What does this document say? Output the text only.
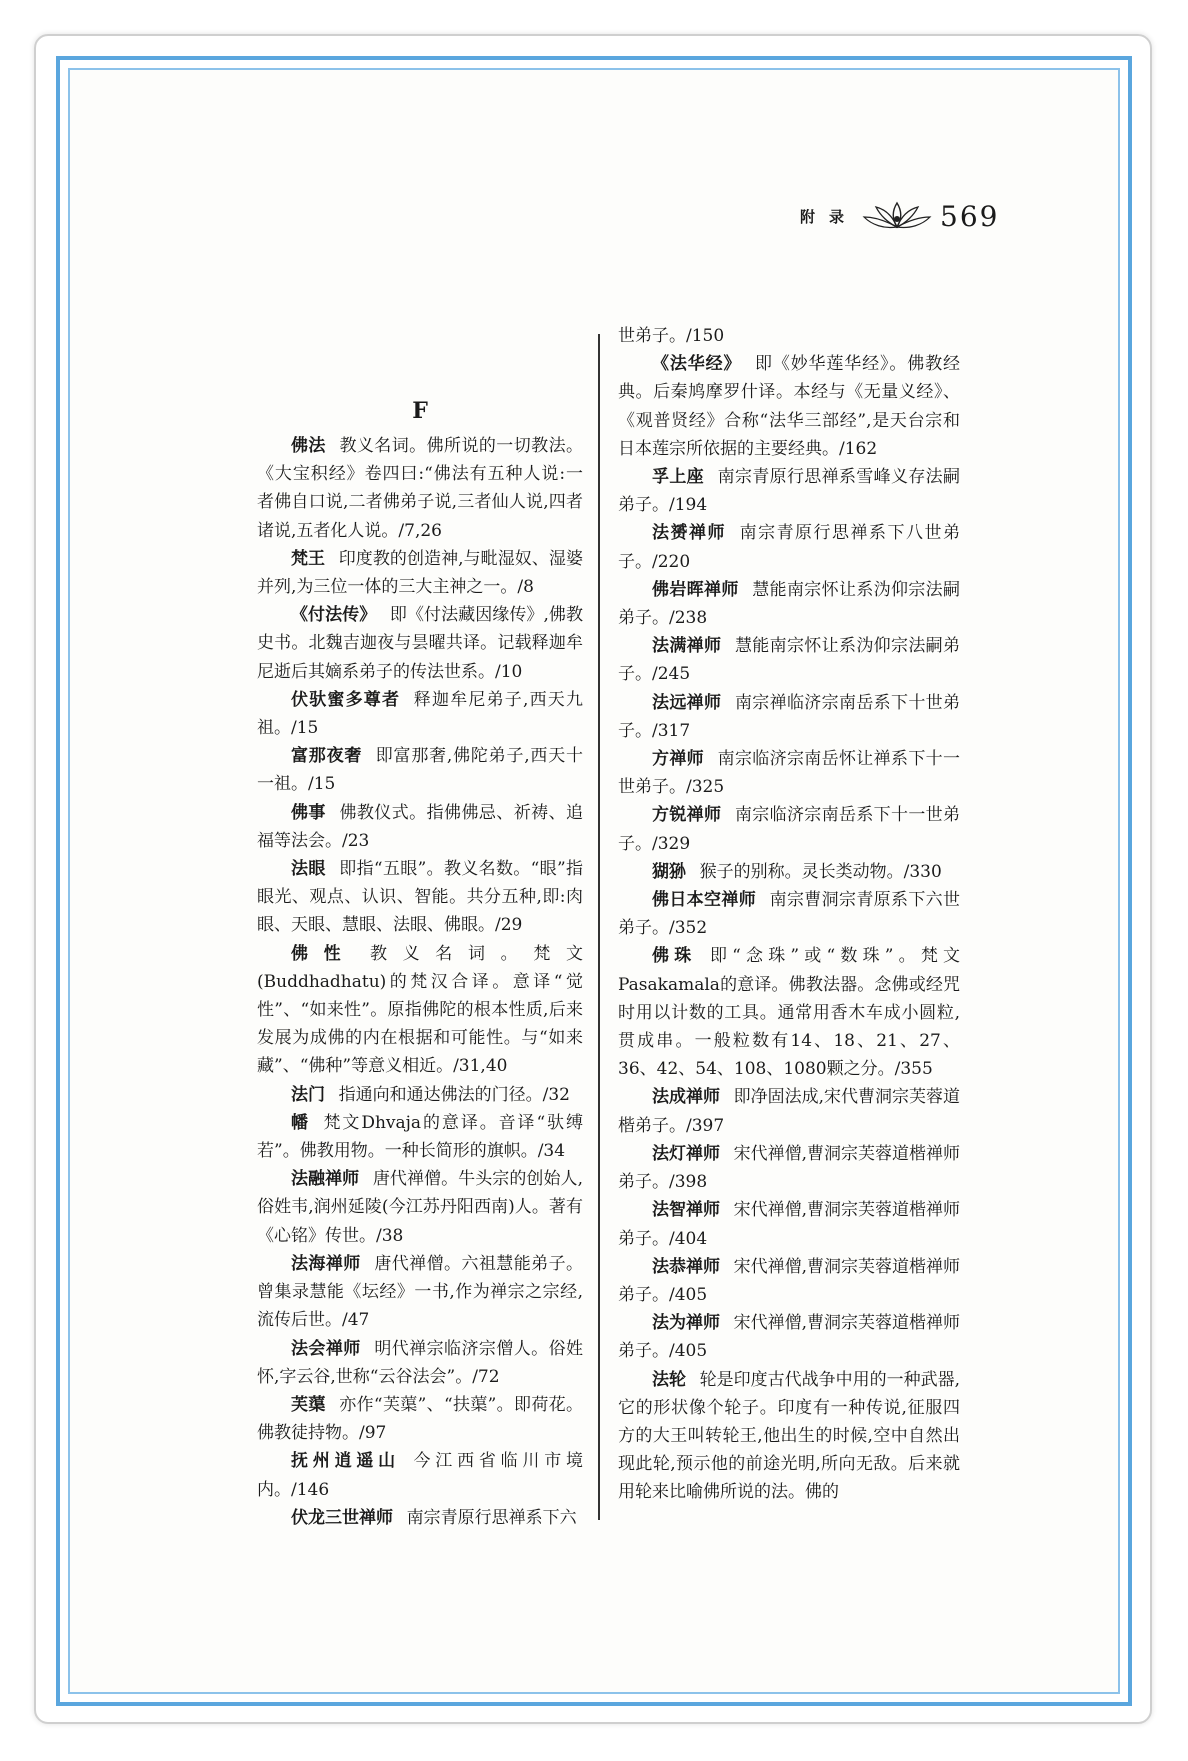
附录	569
F

佛法 教义名词。佛所说的一切教法。《大宝积经》卷四曰:“佛法有五种人说:一者佛自口说,二者佛弟子说,三者仙人说,四者诸说,五者化人说。/7,26

梵王 印度教的创造神,与毗湿奴、湿婆并列,为三位一体的三大主神之一。/8

《付法传》 即《付法藏因缘传》,佛教史书。北魏吉迦夜与昙曜共译。记载释迦牟尼逝后其嫡系弟子的传法世系。/10

伏驮蜜多尊者 释迦牟尼弟子,西天九祖。/15

富那夜奢 即富那奢,佛陀弟子,西天十一祖。/15

佛事 佛教仪式。指佛佛忌、祈祷、追福等法会。/23

法眼 即指“五眼”。教义名数。“眼”指眼光、观点、认识、智能。共分五种,即:肉眼、天眼、慧眼、法眼、佛眼。/29

佛性 教义名词。梵文(Buddhadhatu)的梵汉合译。意译“觉性”、“如来性”。原指佛陀的根本性质,后来发展为成佛的内在根据和可能性。与“如来藏”、“佛种”等意义相近。/31,40

法门 指通向和通达佛法的门径。/32

幡 梵文Dhvaja的意译。音译“驮缚若”。佛教用物。一种长简形的旗帜。/34

法融禅师 唐代禅僧。牛头宗的创始人,俗姓韦,润州延陵(今江苏丹阳西南)人。著有《心铭》传世。/38

法海禅师 唐代禅僧。六祖慧能弟子。曾集录慧能《坛经》一书,作为禅宗之宗经,流传后世。/47

法会禅师 明代禅宗临济宗僧人。俗姓怀,字云谷,世称“云谷法会”。/72

芙蕖 亦作“芙蕖”、“扶蕖”。即荷花。佛教徒持物。/97

抚州逍遥山 今江西省临川市境内。/146

伏龙三世禅师 南宗青原行思禅系下六

世弟子。/150

《法华经》 即《妙华莲华经》。佛教经典。后秦鸠摩罗什译。本经与《无量义经》、《观普贤经》合称“法华三部经”,是天台宗和日本莲宗所依据的主要经典。/162

孚上座 南宗青原行思禅系雪峰义存法嗣弟子。/194

法赟禅师 南宗青原行思禅系下八世弟子。/220

佛岩晖禅师 慧能南宗怀让系沩仰宗法嗣弟子。/238

法满禅师 慧能南宗怀让系沩仰宗法嗣弟子。/245

法远禅师 南宗禅临济宗南岳系下十世弟子。/317

方禅师 南宗临济宗南岳怀让禅系下十一世弟子。/325

方锐禅师 南宗临济宗南岳系下十一世弟子。/329

猢狲 猴子的别称。灵长类动物。/330

佛日本空禅师 南宗曹洞宗青原系下六世弟子。/352

佛珠 即“念珠”或“数珠”。梵文Pasakamala的意译。佛教法器。念佛或经咒时用以计数的工具。通常用香木车成小圆粒,贯成串。一般粒数有14、18、21、27、36、42、54、108、1080颗之分。/355

法成禅师 即净固法成,宋代曹洞宗芙蓉道楷弟子。/397

法灯禅师 宋代禅僧,曹洞宗芙蓉道楷禅师弟子。/398

法智禅师 宋代禅僧,曹洞宗芙蓉道楷禅师弟子。/404

法恭禅师 宋代禅僧,曹洞宗芙蓉道楷禅师弟子。/405

法为禅师 宋代禅僧,曹洞宗芙蓉道楷禅师弟子。/405

法轮 轮是印度古代战争中用的一种武器,它的形状像个轮子。印度有一种传说,征服四方的大王叫转轮王,他出生的时候,空中自然出现此轮,预示他的前途光明,所向无敌。后来就用轮来比喻佛所说的法。佛的
